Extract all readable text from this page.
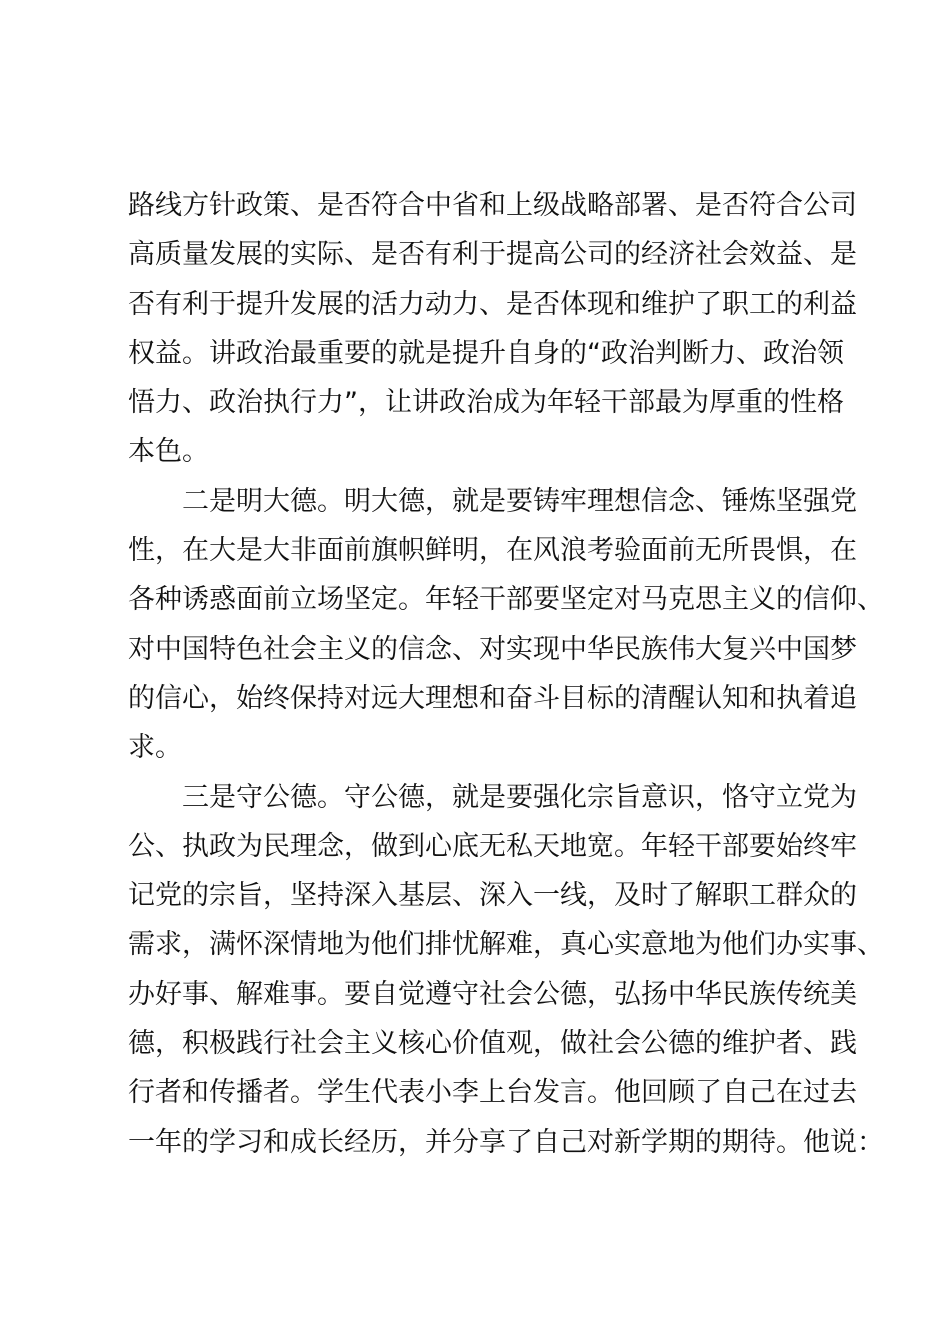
路线方针政策、是否符合中省和上级战略部署、是否符合公司
高质量发展的实际、是否有利于提高公司的经济社会效益、是
否有利于提升发展的活力动力、是否体现和维护了职工的利益
权益。讲政治最重要的就是提升自身的“政治判断力、政治领
悟力、政治执行力”，让讲政治成为年轻干部最为厚重的性格
本色。
二是明大德。明大德，就是要铸牢理想信念、锤炼坚强党
性，在大是大非面前旗帜鲜明，在风浪考验面前无所畏惧，在
各种诱惑面前立场坚定。年轻干部要坚定对马克思主义的信仰、
对中国特色社会主义的信念、对实现中华民族伟大复兴中国梦
的信心，始终保持对远大理想和奋斗目标的清醒认知和执着追
求。
三是守公德。守公德，就是要强化宗旨意识，恪守立党为
公、执政为民理念，做到心底无私天地宽。年轻干部要始终牢
记党的宗旨，坚持深入基层、深入一线，及时了解职工群众的
需求，满怀深情地为他们排忧解难，真心实意地为他们办实事、
办好事、解难事。要自觉遵守社会公德，弘扬中华民族传统美
德，积极践行社会主义核心价值观，做社会公德的维护者、践
行者和传播者。学生代表小李上台发言。他回顾了自己在过去
一年的学习和成长经历，并分享了自己对新学期的期待。他说：
